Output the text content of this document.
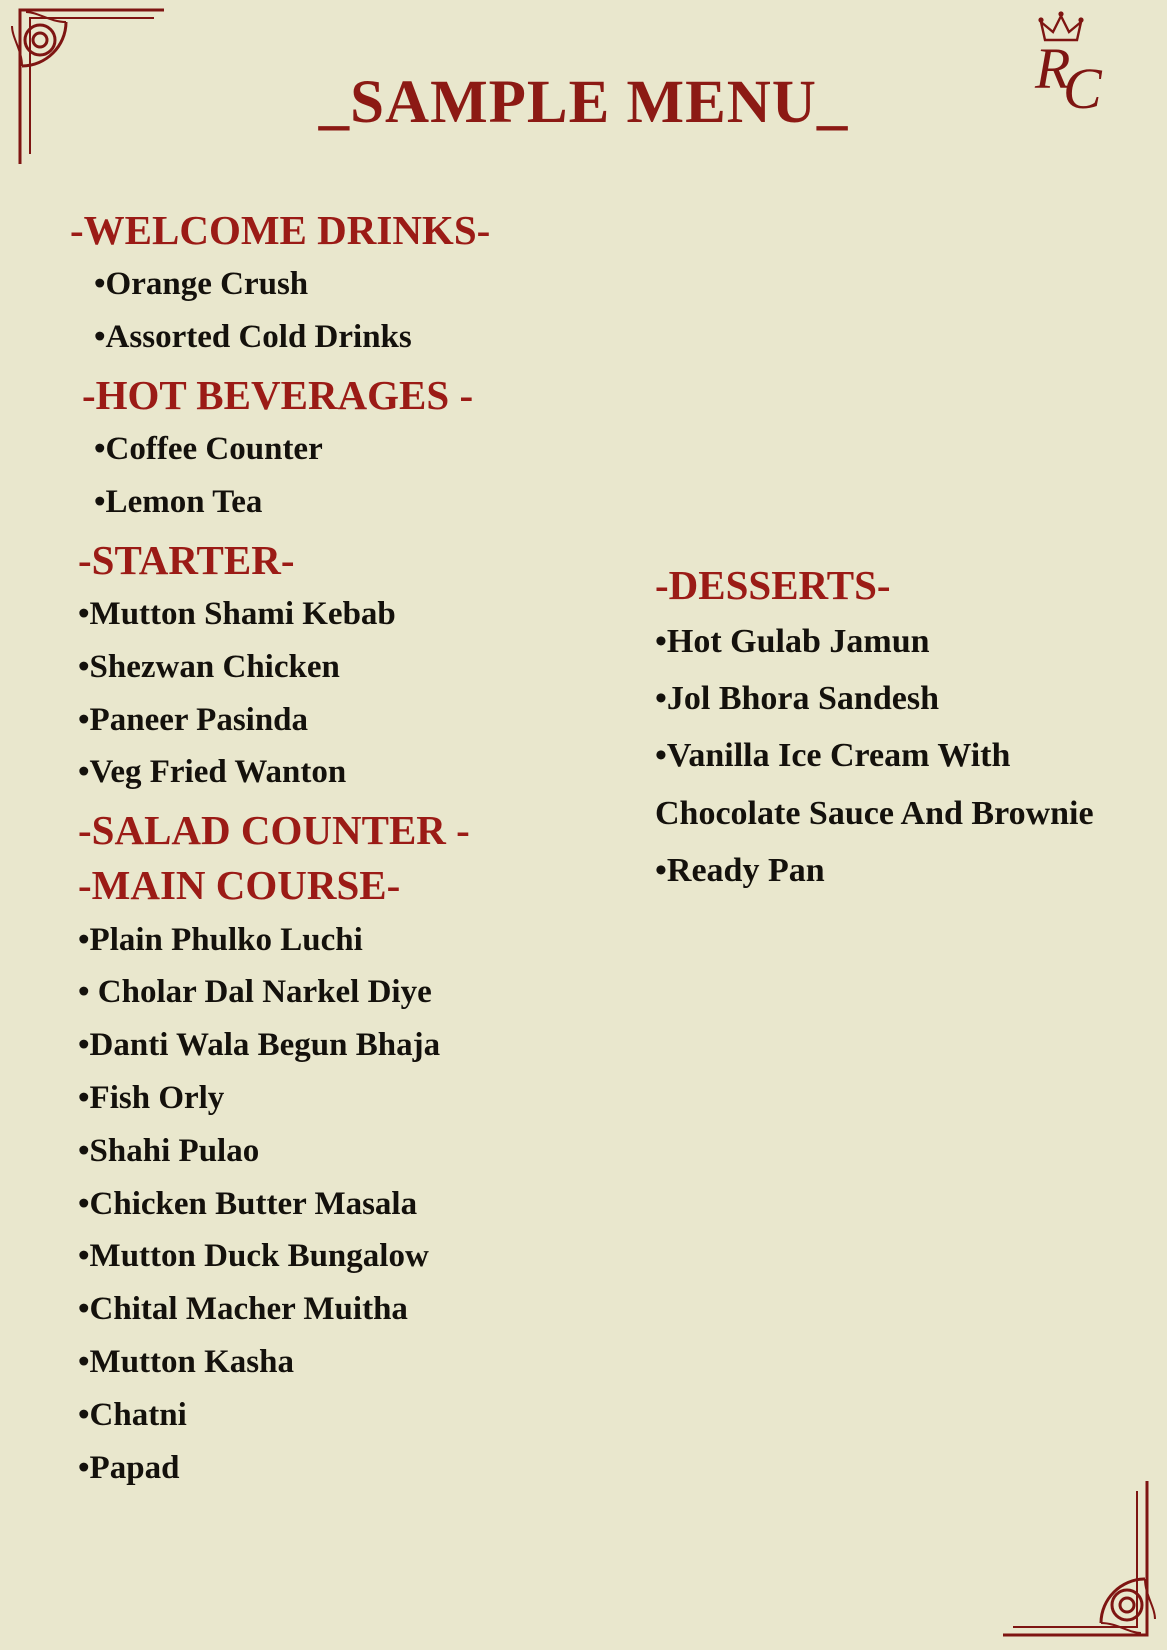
R
C
_SAMPLE MENU_
-WELCOME DRINKS-
•Orange Crush
•Assorted Cold Drinks
-HOT BEVERAGES -
•Coffee Counter
•Lemon Tea
-STARTER-
•Mutton Shami Kebab
•Shezwan Chicken
•Paneer Pasinda
•Veg Fried Wanton
-SALAD COUNTER -
-MAIN COURSE-
•Plain Phulko Luchi
• Cholar Dal Narkel Diye
•Danti Wala Begun Bhaja
•Fish Orly
•Shahi Pulao
•Chicken Butter Masala
•Mutton Duck Bungalow
•Chital Macher Muitha
•Mutton Kasha
•Chatni
•Papad
-DESSERTS-
•Hot Gulab Jamun
•Jol Bhora Sandesh
•Vanilla Ice Cream With Chocolate Sauce And Brownie
•Ready Pan
